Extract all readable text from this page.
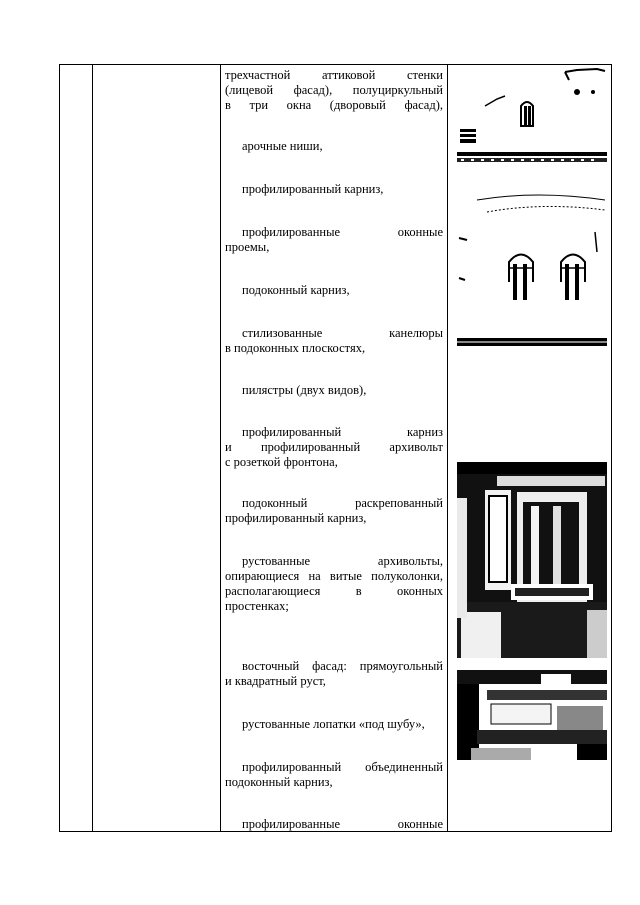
трехчастной аттиковой стенки
(лицевой фасад), полуциркульный
в три окна (дворовый фасад),
арочные ниши,
профилированный карниз,
профилированные оконные
проемы,
подоконный карниз,
стилизованные канелюры
в подоконных плоскостях,
пилястры (двух видов),
профилированный карниз
и профилированный архивольт
с розеткой фронтона,
подоконный раскрепованный
профилированный карниз,
рустованные архивольты,
опирающиеся на витые полуколонки,
располагающиеся в оконных
простенках;
восточный фасад: прямоугольный
и квадратный руст,
рустованные лопатки «под шубу»,
профилированный объединенный
подоконный карниз,
профилированные оконные
